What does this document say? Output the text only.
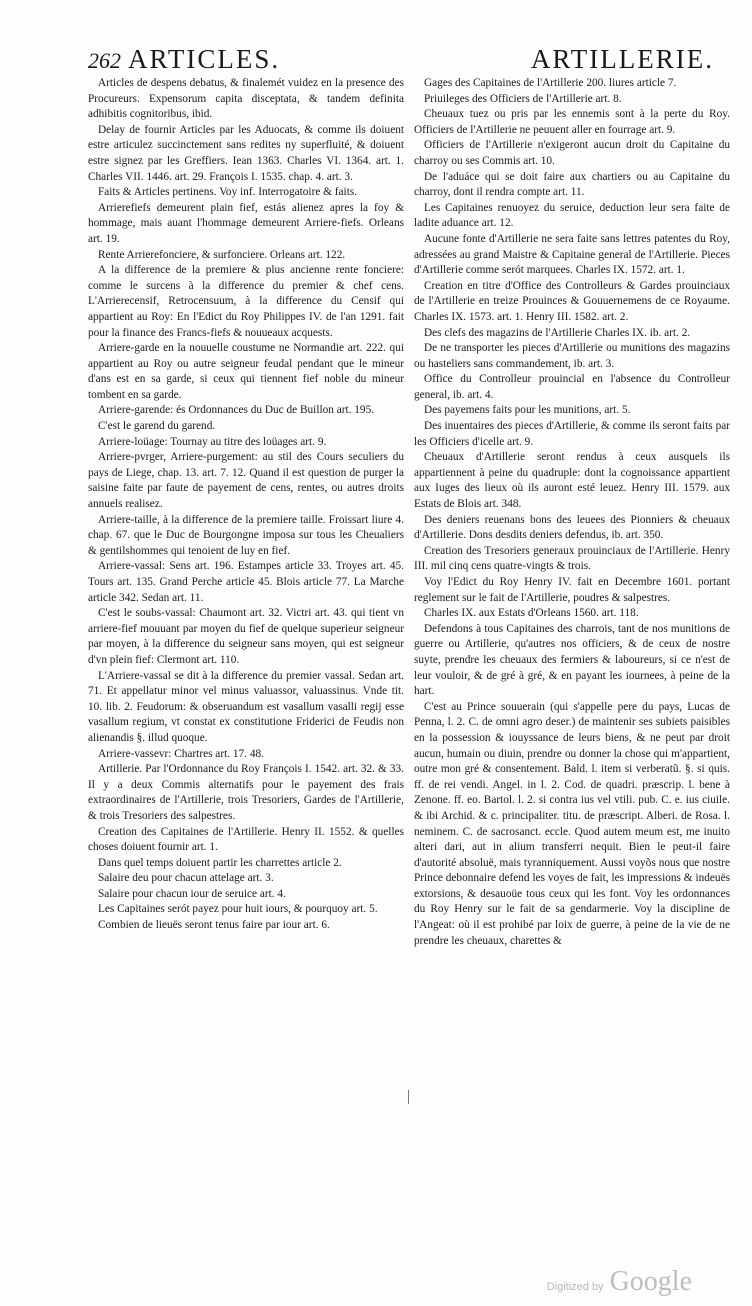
262 ARTICLES.	ARTILLERIE.

Articles de despens debatus, & finalemét vuidez en la presence des Procureurs. Expensorum capita disceptata, & tandem definita adhibitis cognitoribus, ibid.

Delay de fournir Articles par les Aduocats, & comme ils doiuent estre articulez succinctement sans redites ny superfluité, & doiuent estre signez par les Greffiers. Iean 1363. Charles VI. 1364. art. 1. Charles VII. 1446. art. 29. François I. 1535. chap. 4. art. 3.

Faits & Articles pertinens. Voy inf. Interrogatoire & faits.

Arrierefiefs demeurent plain fief, estás alienez apres la foy & hommage, mais auant l'hommage demeurent Arriere-fiefs. Orleans art. 19.

Rente Arrierefonciere, & surfonciere. Orleans art. 122.

A la difference de la premiere & plus ancienne rente fonciere: comme le surcens à la difference du premier & chef cens. L'Arrierecensif, Retrocensuum, à la difference du Censif qui appartient au Roy: En l'Edict du Roy Philippes IV. de l'an 1291. fait pour la finance des Francs-fiefs & nouueaux acquests.

Arriere-garde en la nouuelle coustume ne Normandie art. 222. qui appartient au Roy ou autre seigneur feudal pendant que le mineur d'ans est en sa garde, si ceux qui tiennent fief noble du mineur tombent en sa garde.

Arriere-garende: és Ordonnances du Duc de Buillon art. 195.

C'est le garend du garend.

Arriere-loüage: Tournay au titre des loüages art. 9.

Arriere-pvrger, Arriere-purgement: au stil des Cours seculiers du pays de Liege, chap. 13. art. 7. 12. Quand il est question de purger la saisine faite par faute de payement de cens, rentes, ou autres droits annuels realisez.

Arriere-taille, à la difference de la premiere taille. Froissart liure 4. chap. 67. que le Duc de Bourgongne imposa sur tous les Cheualiers & gentilshommes qui tenoient de luy en fief.

Arriere-vassal: Sens art. 196. Estampes article 33. Troyes art. 45. Tours art. 135. Grand Perche article 45. Blois article 77. La Marche article 342. Sedan art. 11.

C'est le soubs-vassal: Chaumont art. 32. Victri art. 43. qui tient vn arriere-fief mouuant par moyen du fief de quelque superieur seigneur par moyen, à la difference du seigneur sans moyen, qui est seigneur d'vn plein fief: Clermont art. 110.

L'Arriere-vassal se dit à la difference du premier vassal. Sedan art. 71. Et appellatur minor vel minus valuassor, valuassinus. Vnde tit. 10. lib. 2. Feudorum: & obseruandum est vasallum vasalli regij esse vasallum regium, vt constat ex constitutione Friderici de Feudis non alienandis §. illud quoque.

Arriere-vassevr: Chartres art. 17. 48.

Artillerie. Par l'Ordonnance du Roy François I. 1542. art. 32. & 33. Il y a deux Commis alternatifs pour le payement des frais extraordinaires de l'Artillerie, trois Tresoriers, Gardes de l'Artillerie, & trois Tresoriers des salpestres.

Creation des Capitaines de l'Artillerie. Henry II. 1552. & quelles choses doiuent fournir art. 1.

Dans quel temps doiuent partir les charrettes article 2.

Salaire deu pour chacun attelage art. 3.

Salaire pour chacun iour de seruice art. 4.

Les Capitaines serót payez pour huit iours, & pourquoy art. 5.

Combien de lieuës seront tenus faire par iour art. 6.

Gages des Capitaines de l'Artillerie 200. liures article 7.

Priuileges des Officiers de l'Artillerie art. 8.

Cheuaux tuez ou pris par les ennemis sont à la perte du Roy. Officiers de l'Artillerie ne peuuent aller en fourrage art. 9.

Officiers de l'Artillerie n'exigeront aucun droit du Capitaine du charroy ou ses Commis art. 10.

De l'aduáce qui se doit faire aux chartiers ou au Capitaine du charroy, dont il rendra compte art. 11.

Les Capitaines renuoyez du seruice, deduction leur sera faite de ladite aduance art. 12.

Aucune fonte d'Artillerie ne sera faite sans lettres patentes du Roy, adressées au grand Maistre & Capitaine general de l'Artillerie. Pieces d'Artillerie comme serót marquees. Charles IX. 1572. art. 1.

Creation en titre d'Office des Controlleurs & Gardes prouinciaux de l'Artillerie en treize Prouinces & Gouuernemens de ce Royaume. Charles IX. 1573. art. 1. Henry III. 1582. art. 2.

Des clefs des magazins de l'Artillerie Charles IX. ib. art. 2.

De ne transporter les pieces d'Artillerie ou munitions des magazins ou hasteliers sans commandement, ib. art. 3.

Office du Controlleur prouincial en l'absence du Controlleur general, ib. art. 4.

Des payemens faits pour les munitions, art. 5.

Des inuentaires des pieces d'Artillerie, & comme ils seront faits par les Officiers d'icelle art. 9.

Cheuaux d'Artillerie seront rendus à ceux ausquels ils appartiennent à peine du quadruple: dont la cognoissance appartient aux Iuges des lieux où ils auront esté leuez. Henry III. 1579. aux Estats de Blois art. 348.

Des deniers reuenans bons des leuees des Pionniers & cheuaux d'Artillerie. Dons desdits deniers defendus, ib. art. 350.

Creation des Tresoriers generaux prouinciaux de l'Artillerie. Henry III. mil cinq cens quatre-vingts & trois.

Voy l'Edict du Roy Henry IV. fait en Decembre 1601. portant reglement sur le fait de l'Artillerie, poudres & salpestres.

Charles IX. aux Estats d'Orleans 1560. art. 118.

Defendons à tous Capitaines des charrois, tant de nos munitions de guerre ou Artillerie, qu'autres nos officiers, & de ceux de nostre suyte, prendre les cheuaux des fermiers & laboureurs, si ce n'est de leur vouloir, & de gré à gré, & en payant les iournees, à peine de la hart.

C'est au Prince souuerain (qui s'appelle pere du pays, Lucas de Penna, l. 2. C. de omni agro deser.) de maintenir ses subiets paisibles en la possession & iouyssance de leurs biens, & ne peut par droit aucun, humain ou diuin, prendre ou donner la chose qui m'appartient, outre mon gré & consentement. Bald. l. item si verberatũ. §. si quis. ff. de rei vendi. Angel. in l. 2. Cod. de quadri. præscrip. l. bene à Zenone. ff. eo. Bartol. l. 2. si contra ius vel vtili. pub. C. e. ius ciuile. & ibi Archid. & c. principaliter. titu. de præscript. Alberi. de Rosa. l. neminem. C. de sacrosanct. eccle. Quod autem meum est, me inuito alteri dari, aut in alium transferri nequit. Bien le peut-il faire d'autorité absoluë, mais tyranniquement. Aussi voyõs nous que nostre Prince debonnaire defend les voyes de fait, les impressions & indeuës extorsions, & desauoüe tous ceux qui les font. Voy les ordonnances du Roy Henry sur le fait de sa gendarmerie. Voy la discipline de l'Angeat: où il est prohibé par loix de guerre, à peine de la vie de ne prendre les cheuaux, charettes &

Digitized by Google
